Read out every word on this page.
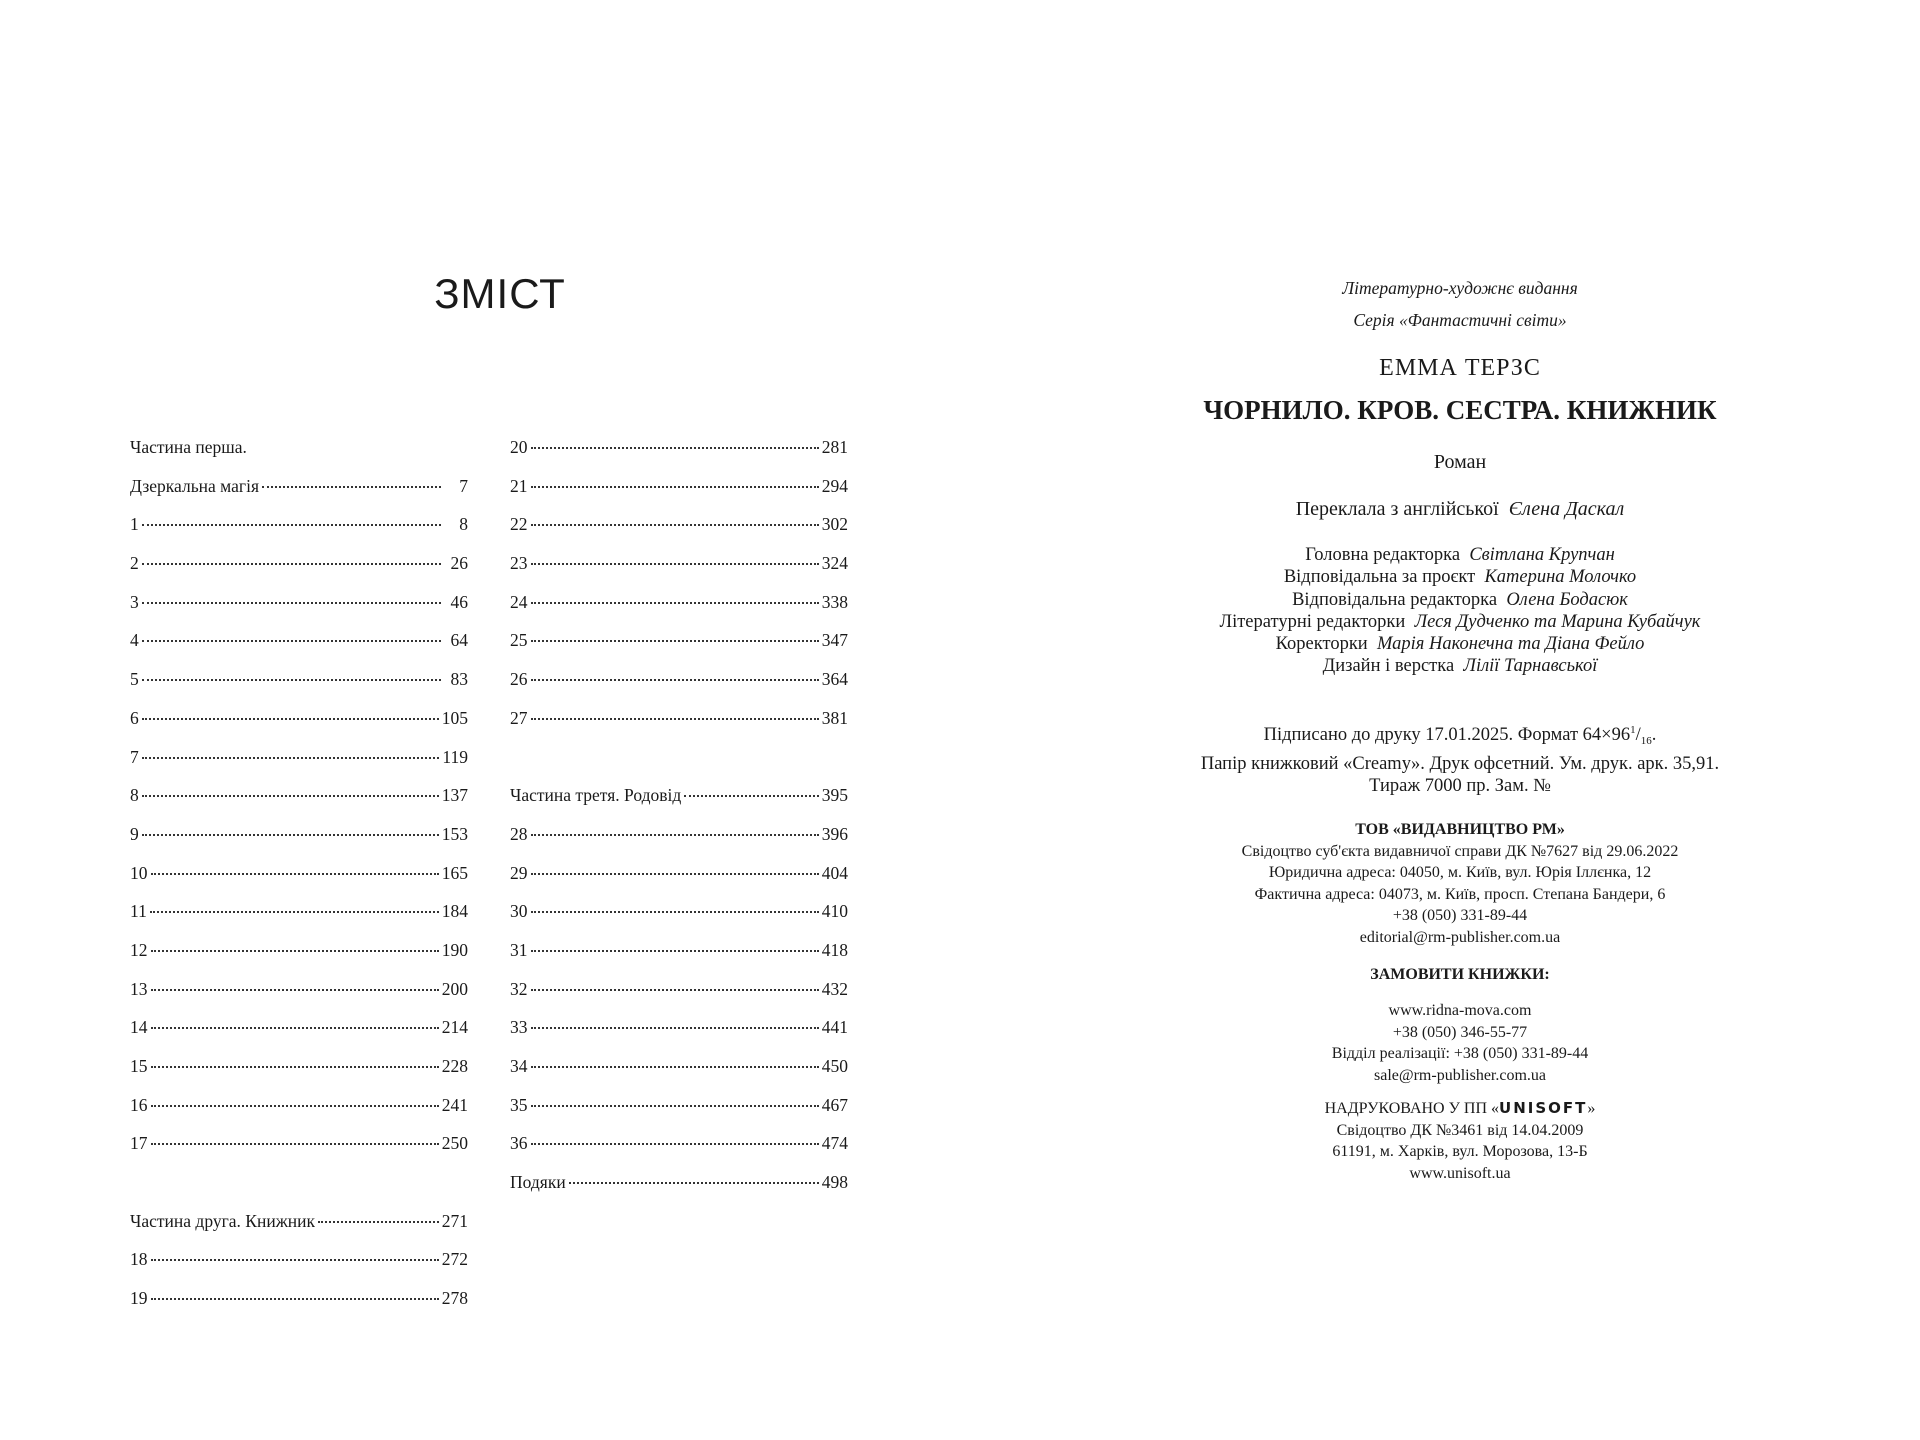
ЗМІСТ
Частина перша.
Дзеркальна магія	7
1	8
2	26
3	46
4	64
5	83
6	105
7	119
8	137
9	153
10	165
11	184
12	190
13	200
14	214
15	228
16	241
17	250
Частина друга. Книжник	271
18	272
19	278
20	281
21	294
22	302
23	324
24	338
25	347
26	364
27	381
Частина третя. Родовід	395
28	396
29	404
30	410
31	418
32	432
33	441
34	450
35	467
36	474
Подяки	498
Літературно-художнє видання
Серія «Фантастичні світи»
ЕММА ТЕРЗС
ЧОРНИЛО. КРОВ. СЕСТРА. КНИЖНИК
Роман
Переклала з англійської Єлена Даскал
Головна редакторка Світлана Крупчан
Відповідальна за проєкт Катерина Молочко
Відповідальна редакторка Олена Бодасюк
Літературні редакторки Леся Дудченко та Марина Кубайчук
Коректорки Марія Наконечна та Діана Фейло
Дизайн і верстка Лілії Тарнавської
Підписано до друку 17.01.2025. Формат $64\times 96^1/_{16}$.
Папір книжковий «Creamy». Друк офсетний. Ум. друк. арк. 35,91.
Тираж 7000 пр. Зам. №
ТОВ «ВИДАВНИЦТВО РМ»
Свідоцтво суб'єкта видавничої справи ДК №7627 від 29.06.2022
Юридична адреса: 04050, м. Київ, вул. Юрія Іллєнка, 12
Фактична адреса: 04073, м. Київ, просп. Степана Бандери, 6
+38 (050) 331-89-44
editorial@rm-publisher.com.ua
ЗАМОВИТИ КНИЖКИ:
www.ridna-mova.com
+38 (050) 346-55-77
Відділ реалізації: +38 (050) 331-89-44
sale@rm-publisher.com.ua
НАДРУКОВАНО У ПП «UNISOFT»
Свідоцтво ДК №3461 від 14.04.2009
61191, м. Харків, вул. Морозова, 13-Б
www.unisoft.ua
